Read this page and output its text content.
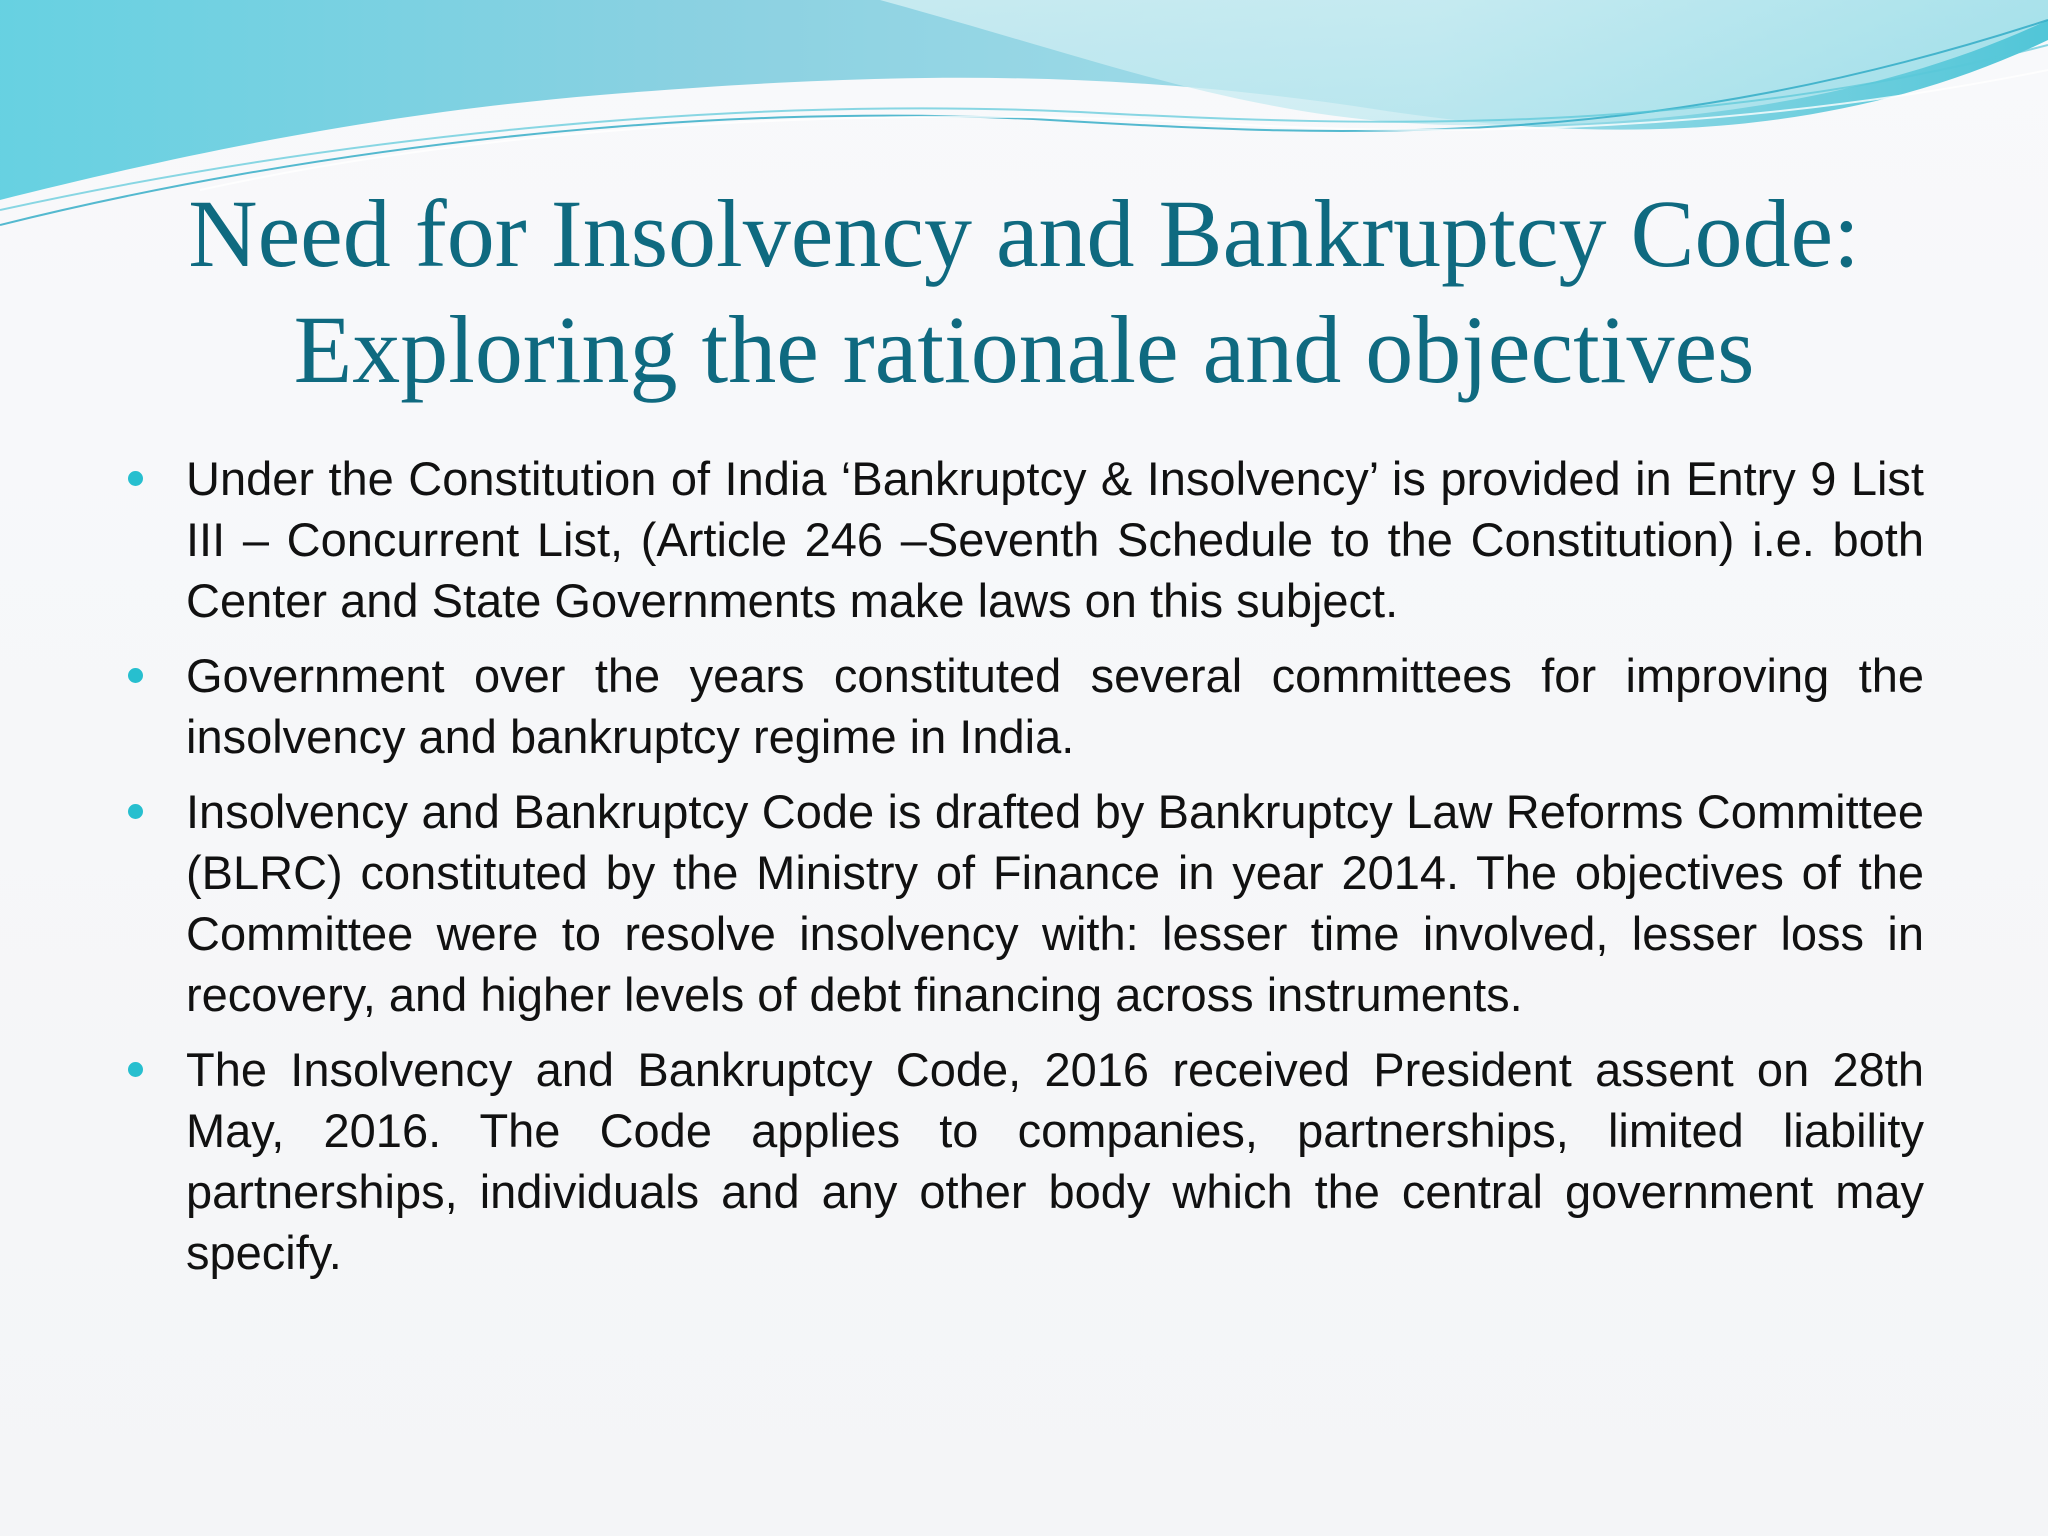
Need for Insolvency and Bankruptcy Code:
Exploring the rationale and objectives
Under the Constitution of India ‘Bankruptcy & Insolvency’ is provided in Entry 9 List III – Concurrent List, (Article 246 –Seventh Schedule to the Constitution) i.e. both Center and State Governments make laws on this subject.
Government over the years constituted several committees for improving the insolvency and bankruptcy regime in India.
Insolvency and Bankruptcy Code is drafted by Bankruptcy Law Reforms Committee (BLRC) constituted by the Ministry of Finance in year 2014. The objectives of the Committee were to resolve insolvency with: lesser time involved, lesser loss in recovery, and higher levels of debt financing across instruments.
The Insolvency and Bankruptcy Code, 2016 received President assent on 28th May, 2016. The Code applies to companies, partnerships, limited liability partnerships, individuals and any other body which the central government may specify.
